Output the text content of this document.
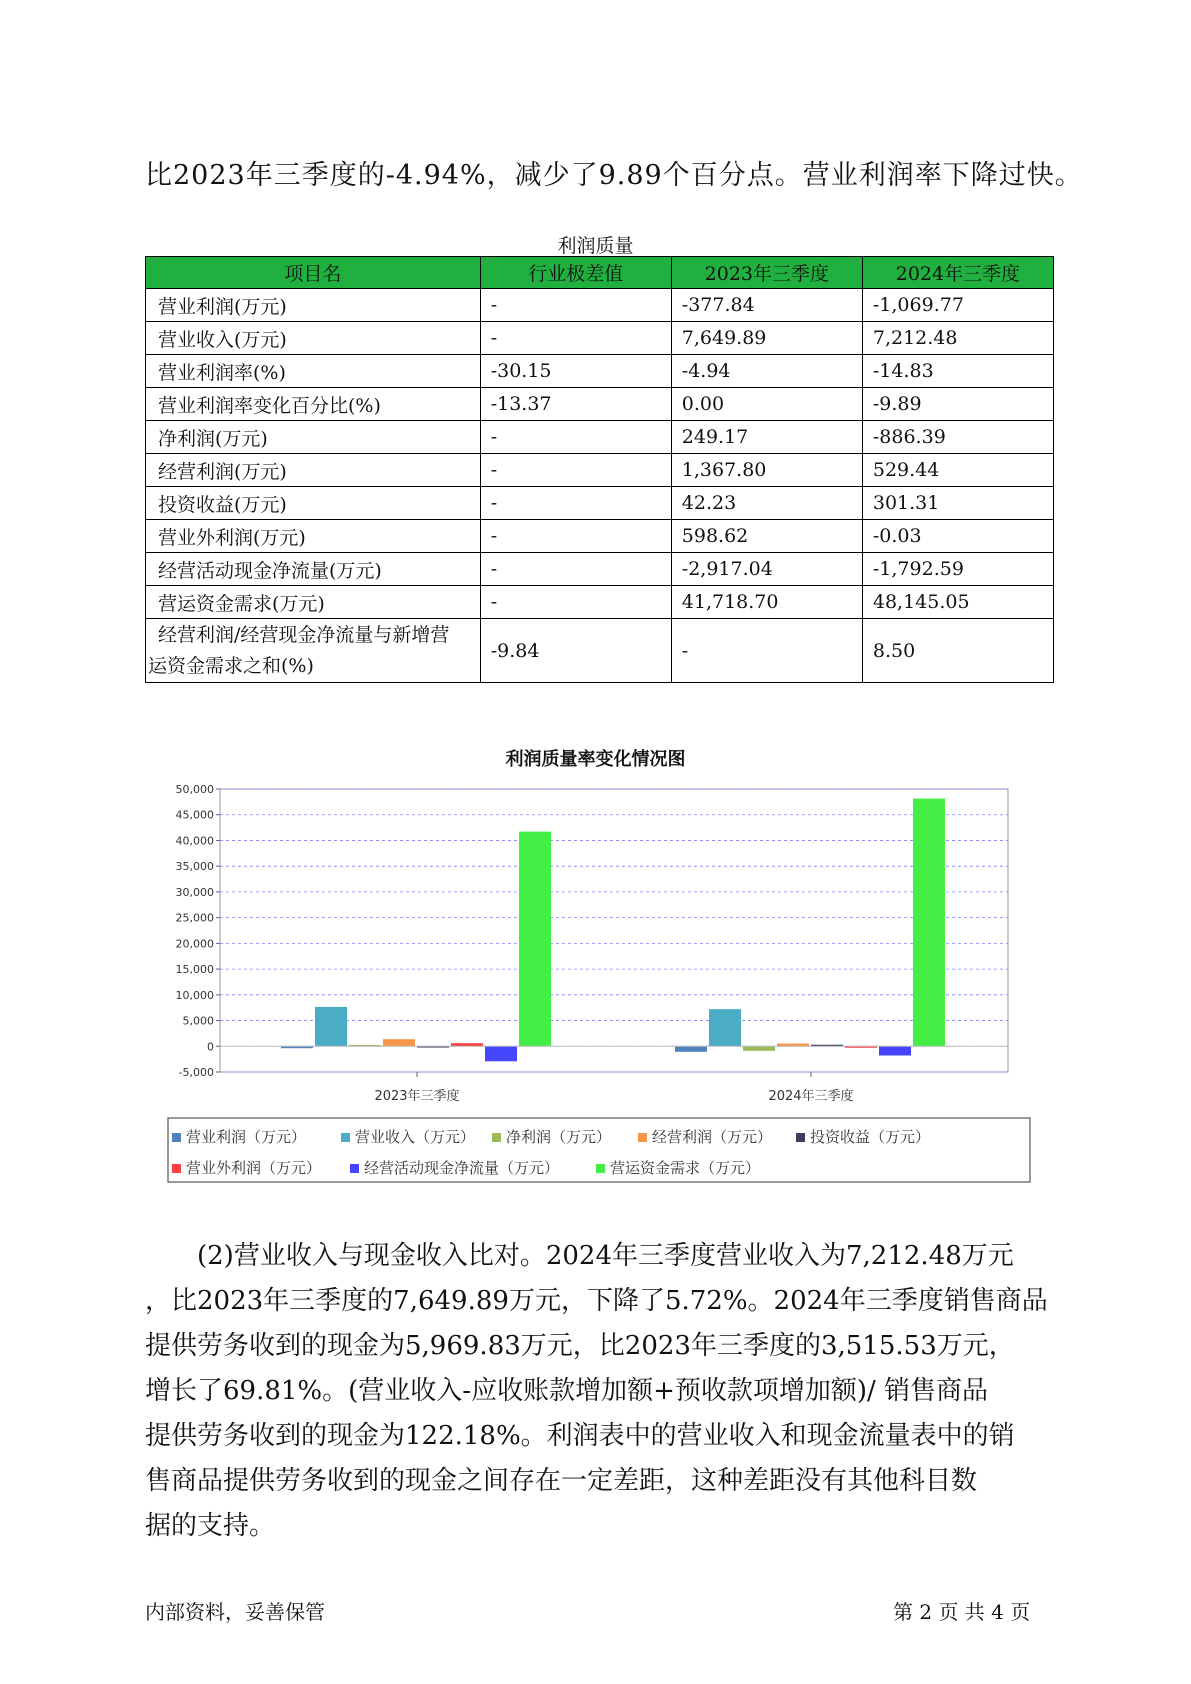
比2023年三季度的-4.94%，减少了9.89个百分点。营业利润率下降过快。
利润质量
项目名	行业极差值	2023年三季度	2024年三季度
营业利润(万元)	-	-377.84	-1,069.77
营业收入(万元)	-	7,649.89	7,212.48
营业利润率(%)	-30.15	-4.94	-14.83
营业利润率变化百分比(%)	-13.37	0.00	-9.89
净利润(万元)	-	249.17	-886.39
经营利润(万元)	-	1,367.80	529.44
投资收益(万元)	-	42.23	301.31
营业外利润(万元)	-	598.62	-0.03
经营活动现金净流量(万元)	-	-2,917.04	-1,792.59
营运资金需求(万元)	-	41,718.70	48,145.05

经营利润/经营现金净流量与新增营
运资金需求之和(%)	-9.84	-	8.50
利润质量率变化情况图
-5,000
0
5,000
10,000
15,000
20,000
25,000
30,000
35,000
40,000
45,000
50,000
2023年三季度	2024年三季度
营业利润（万元）	营业收入（万元） 净利润（万元）	经营利润（万元）	投资收益（万元）
营业外利润（万元）	经营活动现金净流量（万元）	营运资金需求（万元）
(2)营业收入与现金收入比对。2024年三季度营业收入为7,212.48万元
，比2023年三季度的7,649.89万元，下降了5.72%。2024年三季度销售商品
提供劳务收到的现金为5,969.83万元，比2023年三季度的3,515.53万元，
增长了69.81%。(营业收入-应收账款增加额+预收款项增加额)/ 销售商品
提供劳务收到的现金为122.18%。利润表中的营业收入和现金流量表中的销
售商品提供劳务收到的现金之间存在一定差距，这种差距没有其他科目数
据的支持。
内部资料，妥善保管	第 2 页 共 4 页
